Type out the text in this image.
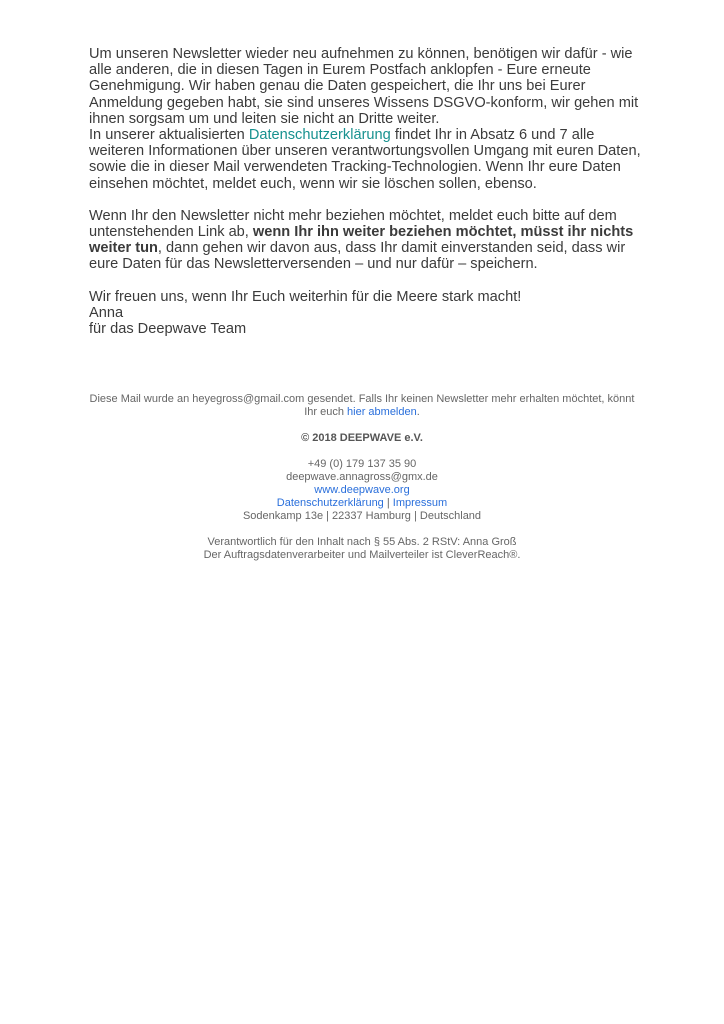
Um unseren Newsletter wieder neu aufnehmen zu können, benötigen wir dafür - wie alle anderen, die in diesen Tagen in Eurem Postfach anklopfen - Eure erneute Genehmigung. Wir haben genau die Daten gespeichert, die Ihr uns bei Eurer Anmeldung gegeben habt, sie sind unseres Wissens DSGVO-konform, wir gehen mit ihnen sorgsam um und leiten sie nicht an Dritte weiter.
In unserer aktualisierten Datenschutzerklärung findet Ihr in Absatz 6 und 7 alle weiteren Informationen über unseren verantwortungsvollen Umgang mit euren Daten, sowie die in dieser Mail verwendeten Tracking-Technologien. Wenn Ihr eure Daten einsehen möchtet, meldet euch, wenn wir sie löschen sollen, ebenso.

Wenn Ihr den Newsletter nicht mehr beziehen möchtet, meldet euch bitte auf dem untenstehenden Link ab, wenn Ihr ihn weiter beziehen möchtet, müsst ihr nichts weiter tun, dann gehen wir davon aus, dass Ihr damit einverstanden seid, dass wir eure Daten für das Newsletterversenden – und nur dafür – speichern.

Wir freuen uns, wenn Ihr Euch weiterhin für die Meere stark macht!
Anna
für das Deepwave Team

Diese Mail wurde an heyegross@gmail.com gesendet. Falls Ihr keinen Newsletter mehr erhalten möchtet, könnt Ihr euch hier abmelden.

© 2018 DEEPWAVE e.V.

+49 (0) 179 137 35 90
deepwave.annagross@gmx.de
www.deepwave.org
Datenschutzerklärung | Impressum
Sodenkamp 13e | 22337 Hamburg | Deutschland

Verantwortlich für den Inhalt nach § 55 Abs. 2 RStV: Anna Groß
Der Auftragsdatenverarbeiter und Mailverteiler ist CleverReach®.
